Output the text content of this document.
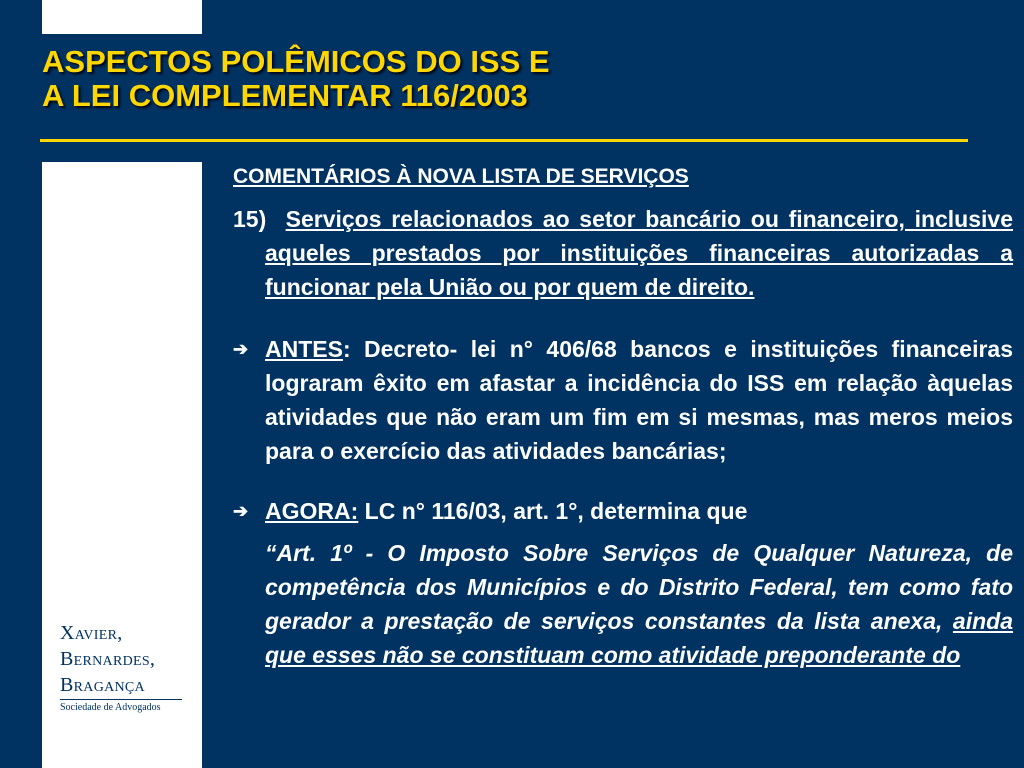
ASPECTOS POLÊMICOS DO ISS E
A LEI COMPLEMENTAR 116/2003
Xavier,
Bernardes,
Bragança
Sociedade de Advogados
COMENTÁRIOS À NOVA LISTA DE SERVIÇOS
15) Serviços relacionados ao setor bancário ou financeiro, inclusive aqueles prestados por instituições financeiras autorizadas a funcionar pela União ou por quem de direito.
➔ ANTES: Decreto- lei n° 406/68 bancos e instituições financeiras lograram êxito em afastar a incidência do ISS em relação àquelas atividades que não eram um fim em si mesmas, mas meros meios para o exercício das atividades bancárias;
➔ AGORA: LC n° 116/03, art. 1°, determina que
“Art. 1º - O Imposto Sobre Serviços de Qualquer Natureza, de competência dos Municípios e do Distrito Federal, tem como fato gerador a prestação de serviços constantes da lista anexa, ainda que esses não se constituam como atividade preponderante do
